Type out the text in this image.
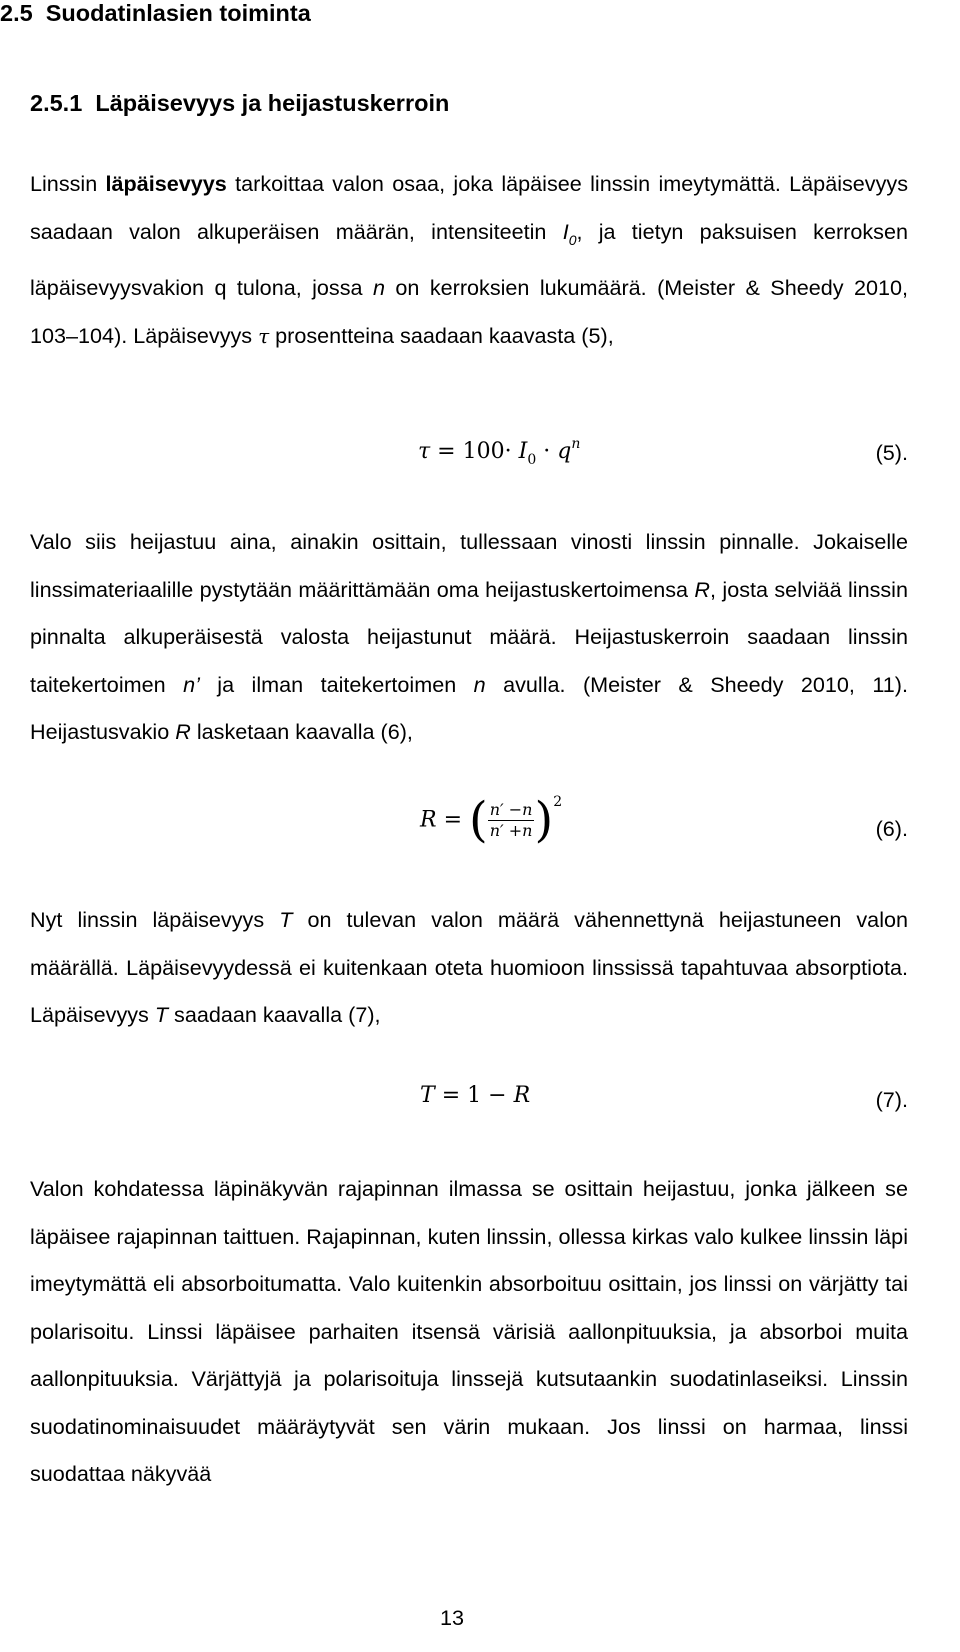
2.5 Suodatinlasien toiminta
2.5.1 Läpäisevyys ja heijastuskerroin

Linssin läpäisevyys tarkoittaa valon osaa, joka läpäisee linssin imeytymättä. Läpäisevyys saadaan valon alkuperäisen määrän, intensiteetin $I_0$, ja tietyn paksuisen kerroksen läpäisevyysvakion q tulona, jossa n on kerroksien lukumäärä. (Meister & Sheedy 2010, 103–104). Läpäisevyys τ prosentteina saadaan kaavasta (5),

$\tau = 100\cdot I_0 \cdot q^n$	(5).

Valo siis heijastuu aina, ainakin osittain, tullessaan vinosti linssin pinnalle. Jokaiselle linssimateriaalille pystytään määrittämään oma heijastuskertoimensa R, josta selviää linssin pinnalta alkuperäisestä valosta heijastunut määrä. Heijastuskerroin saadaan linssin taitekertoimen n’ ja ilman taitekertoimen n avulla. (Meister & Sheedy 2010, 11). Heijastusvakio R lasketaan kaavalla (6),

R = ( $\frac{n' -n}{n' +n} )^2$
(6).

Nyt linssin läpäisevyys T on tulevan valon määrä vähennettynä heijastuneen valon määrällä. Läpäisevyydessä ei kuitenkaan oteta huomioon linssissä tapahtuvaa absorptiota. Läpäisevyys T saadaan kaavalla (7),

T = 1 − R	(7).

Valon kohdatessa läpinäkyvän rajapinnan ilmassa se osittain heijastuu, jonka jälkeen se läpäisee rajapinnan taittuen. Rajapinnan, kuten linssin, ollessa kirkas valo kulkee linssin läpi imeytymättä eli absorboitumatta. Valo kuitenkin absorboituu osittain, jos linssi on värjätty tai polarisoitu. Linssi läpäisee parhaiten itsensä värisiä aallonpituuksia, ja absorboi muita aallonpituuksia. Värjättyjä ja polarisoituja linssejä kutsutaankin suodatinlaseiksi. Linssin suodatinominaisuudet määräytyvät sen värin mukaan. Jos linssi on harmaa, linssi suodattaa näkyvää

13
